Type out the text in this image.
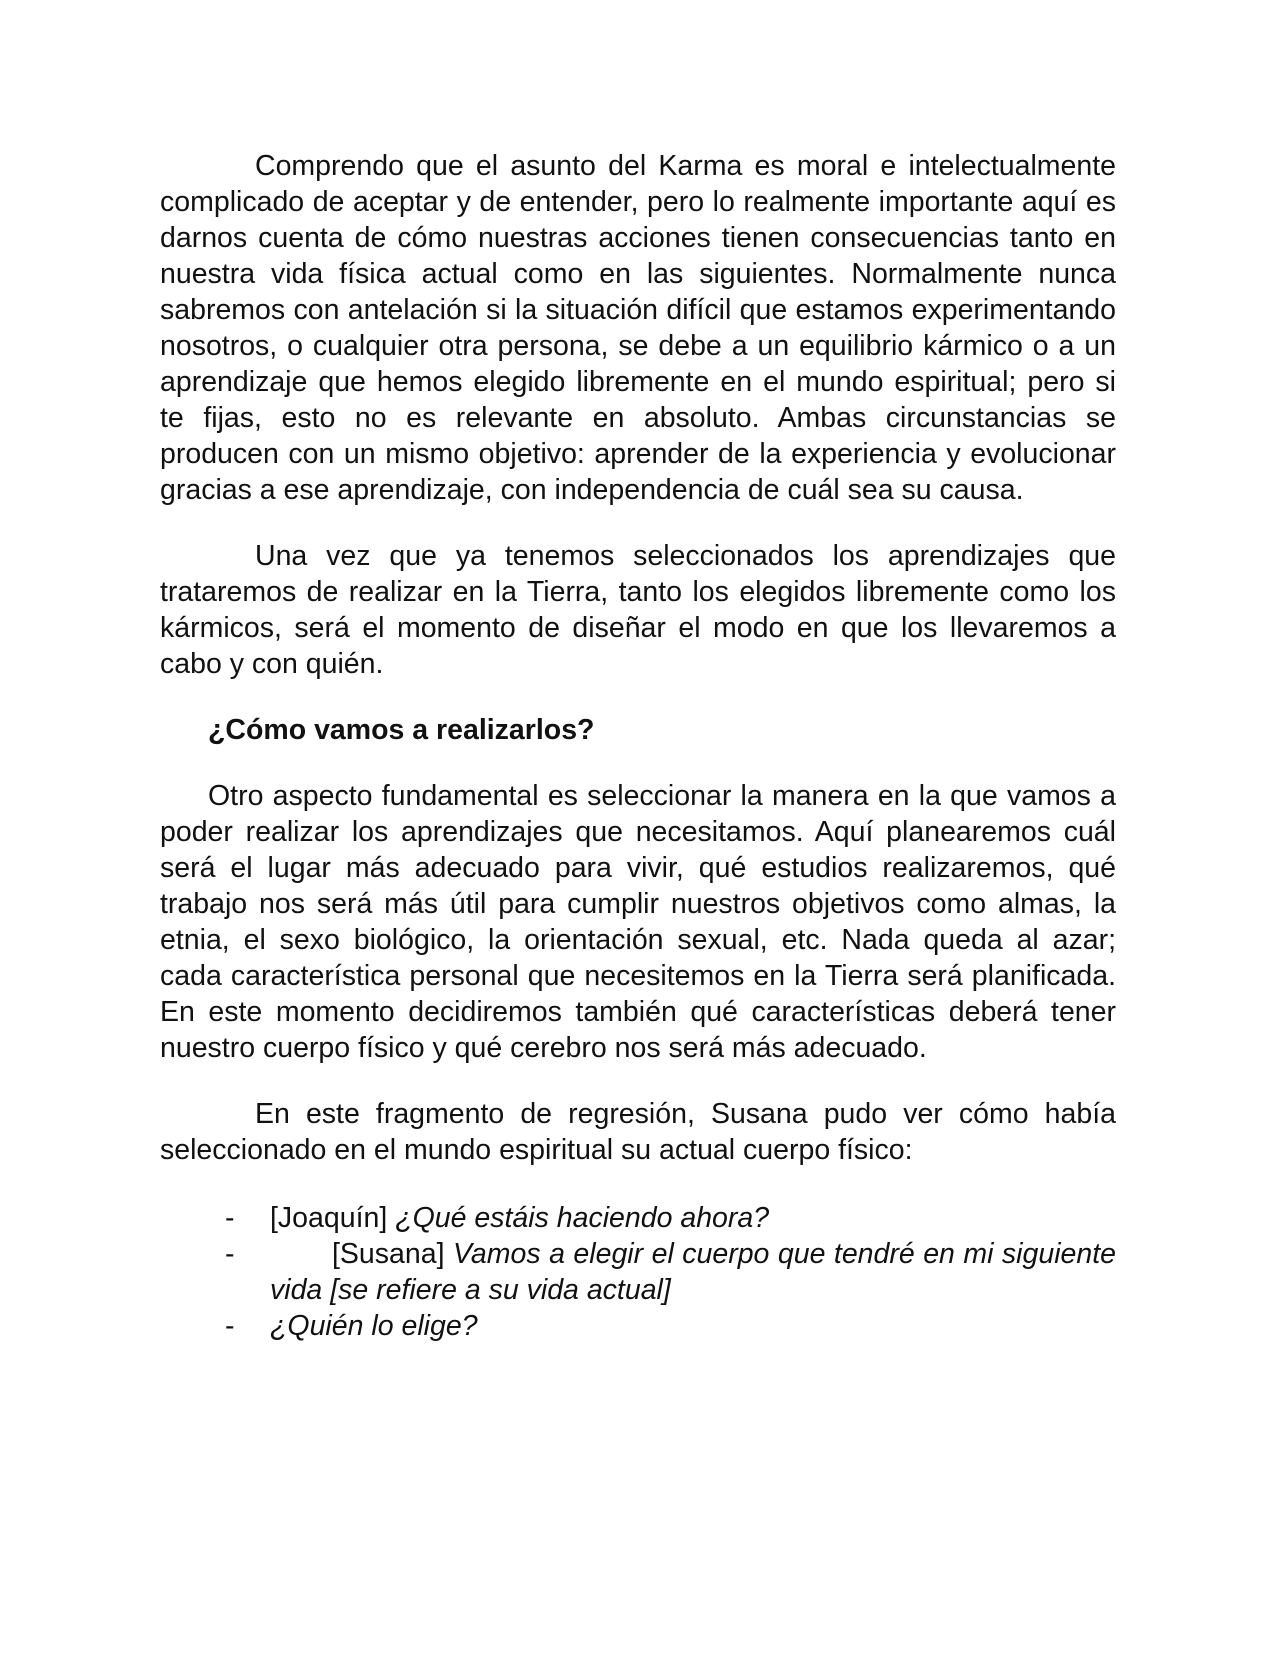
Comprendo que el asunto del Karma es moral e intelectualmente complicado de aceptar y de entender, pero lo realmente importante aquí es darnos cuenta de cómo nuestras acciones tienen consecuencias tanto en nuestra vida física actual como en las siguientes. Normalmente nunca sabremos con antelación si la situación difícil que estamos experimentando nosotros, o cualquier otra persona, se debe a un equilibrio kármico o a un aprendizaje que hemos elegido libremente en el mundo espiritual; pero si te fijas, esto no es relevante en absoluto. Ambas circunstancias se producen con un mismo objetivo: aprender de la experiencia y evolucionar gracias a ese aprendizaje, con independencia de cuál sea su causa.

Una vez que ya tenemos seleccionados los aprendizajes que trataremos de realizar en la Tierra, tanto los elegidos libremente como los kármicos, será el momento de diseñar el modo en que los llevaremos a cabo y con quién.

¿Cómo vamos a realizarlos?

Otro aspecto fundamental es seleccionar la manera en la que vamos a poder realizar los aprendizajes que necesitamos. Aquí planearemos cuál será el lugar más adecuado para vivir, qué estudios realizaremos, qué trabajo nos será más útil para cumplir nuestros objetivos como almas, la etnia, el sexo biológico, la orientación sexual, etc. Nada queda al azar; cada característica personal que necesitemos en la Tierra será planificada. En este momento decidiremos también qué características deberá tener nuestro cuerpo físico y qué cerebro nos será más adecuado.

En este fragmento de regresión, Susana pudo ver cómo había seleccionado en el mundo espiritual su actual cuerpo físico:

-	[Joaquín] ¿Qué estáis haciendo ahora?
-	[Susana] Vamos a elegir el cuerpo que tendré en mi siguiente vida [se refiere a su vida actual]
-	¿Quién lo elige?
